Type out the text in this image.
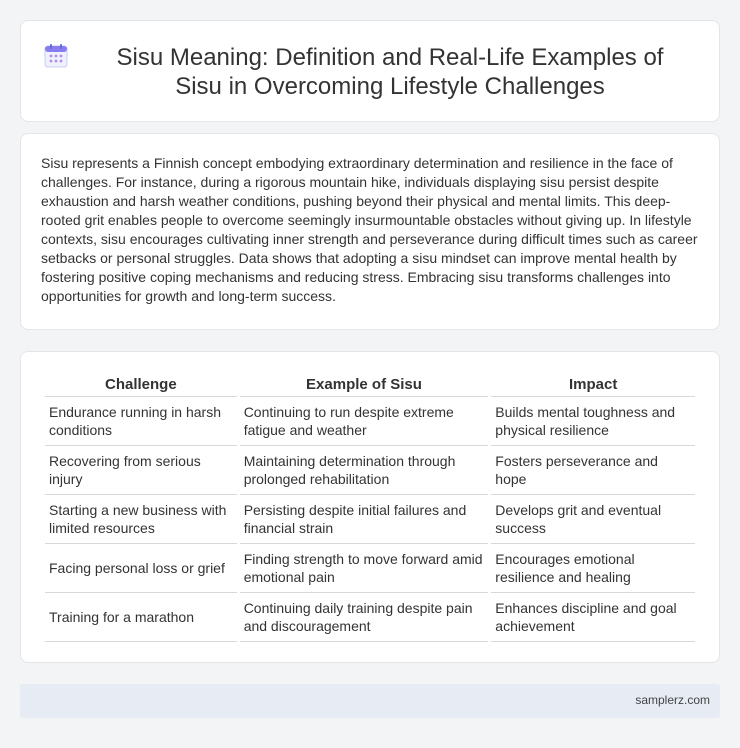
Sisu Meaning: Definition and Real-Life Examples of Sisu in Overcoming Lifestyle Challenges

Sisu represents a Finnish concept embodying extraordinary determination and resilience in the face of challenges. For instance, during a rigorous mountain hike, individuals displaying sisu persist despite exhaustion and harsh weather conditions, pushing beyond their physical and mental limits. This deep-rooted grit enables people to overcome seemingly insurmountable obstacles without giving up. In lifestyle contexts, sisu encourages cultivating inner strength and perseverance during difficult times such as career setbacks or personal struggles. Data shows that adopting a sisu mindset can improve mental health by fostering positive coping mechanisms and reducing stress. Embracing sisu transforms challenges into opportunities for growth and long-term success.

Challenge	Example of Sisu	Impact
Endurance running in harsh conditions	Continuing to run despite extreme fatigue and weather	Builds mental toughness and physical resilience
Recovering from serious injury	Maintaining determination through prolonged rehabilitation	Fosters perseverance and hope
Starting a new business with limited resources	Persisting despite initial failures and financial strain	Develops grit and eventual success
Facing personal loss or grief	Finding strength to move forward amid emotional pain	Encourages emotional resilience and healing
Training for a marathon	Continuing daily training despite pain and discouragement	Enhances discipline and goal achievement
samplerz.com
